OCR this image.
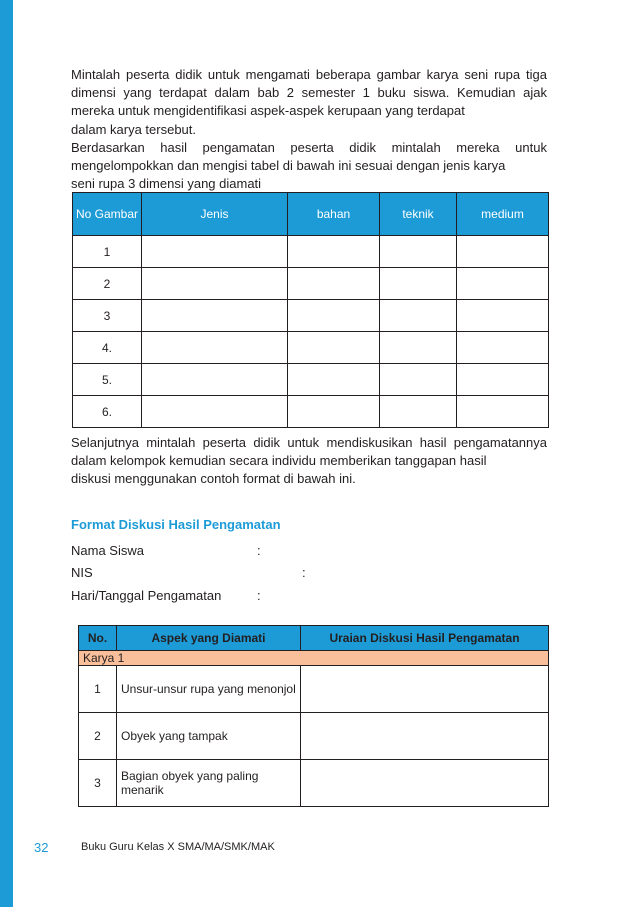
Mintalah peserta didik untuk mengamati beberapa gambar karya seni rupa tiga dimensi yang terdapat dalam bab 2 semester 1 buku siswa. Kemudian ajak mereka untuk mengidentifikasi aspek-aspek kerupaan yang terdapat
dalam karya tersebut.

Berdasarkan hasil pengamatan peserta didik mintalah mereka untuk mengelompokkan dan mengisi tabel di bawah ini sesuai dengan jenis karya
seni rupa 3 dimensi yang diamati

No Gambar	Jenis	bahan	teknik	medium
1				
2				
3				
4.				
5.				
6.				

Selanjutnya mintalah peserta didik untuk mendiskusikan hasil pengamatannya dalam kelompok kemudian secara individu memberikan tanggapan hasil
diskusi menggunakan contoh format di bawah ini.

Format Diskusi Hasil Pengamatan
Nama Siswa	:
NIS	:
Hari/Tanggal Pengamatan	:
No.	Aspek yang Diamati	Uraian Diskusi Hasil Pengamatan
Karya 1		
1	Unsur-unsur rupa yang menonjol	
2	Obyek yang tampak	
3	Bagian obyek yang paling menarik	
32	Buku Guru Kelas X SMA/MA/SMK/MAK
